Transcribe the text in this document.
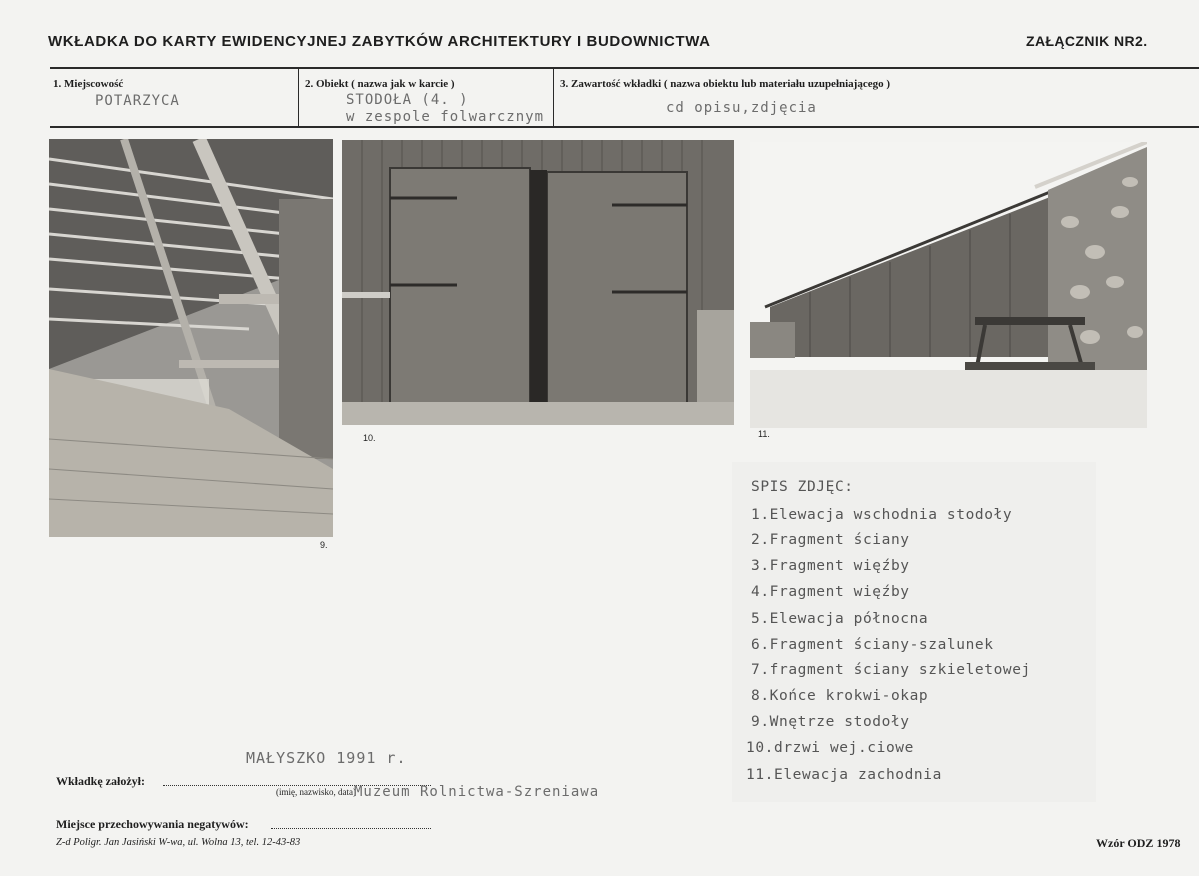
WKŁADKA DO KARTY EWIDENCYJNEJ ZABYTKÓW ARCHITEKTURY I BUDOWNICTWA	ZAŁĄCZNIK NR2.
1. Miejscowość
POTARZYCA
2. Obiekt ( nazwa jak w karcie )
STODOŁA (4. )
w zespole folwarcznym
3. Zawartość wkładki ( nazwa obiektu lub materiału uzupełniającego )
cd opisu,zdjęcia
9.
10.	11.
SPIS ZDJĘC:
1.Elewacja wschodnia stodoły
2.Fragment ściany
3.Fragment więźby
4.Fragment więźby
5.Elewacja północna
6.Fragment ściany-szalunek
7.fragment ściany szkieletowej
8.Końce krokwi-okap
9.Wnętrze stodoły
10.drzwi wej.ciowe
11.Elewacja zachodnia
MAŁYSZKO 1991 r.
Wkładkę założył:
(imię, nazwisko, data)
Muzeum Rolnictwa-Szreniawa
Miejsce przechowywania negatywów:
Z-d Poligr. Jan Jasiński W-wa, ul. Wolna 13, tel. 12-43-83	Wzór ODZ 1978
